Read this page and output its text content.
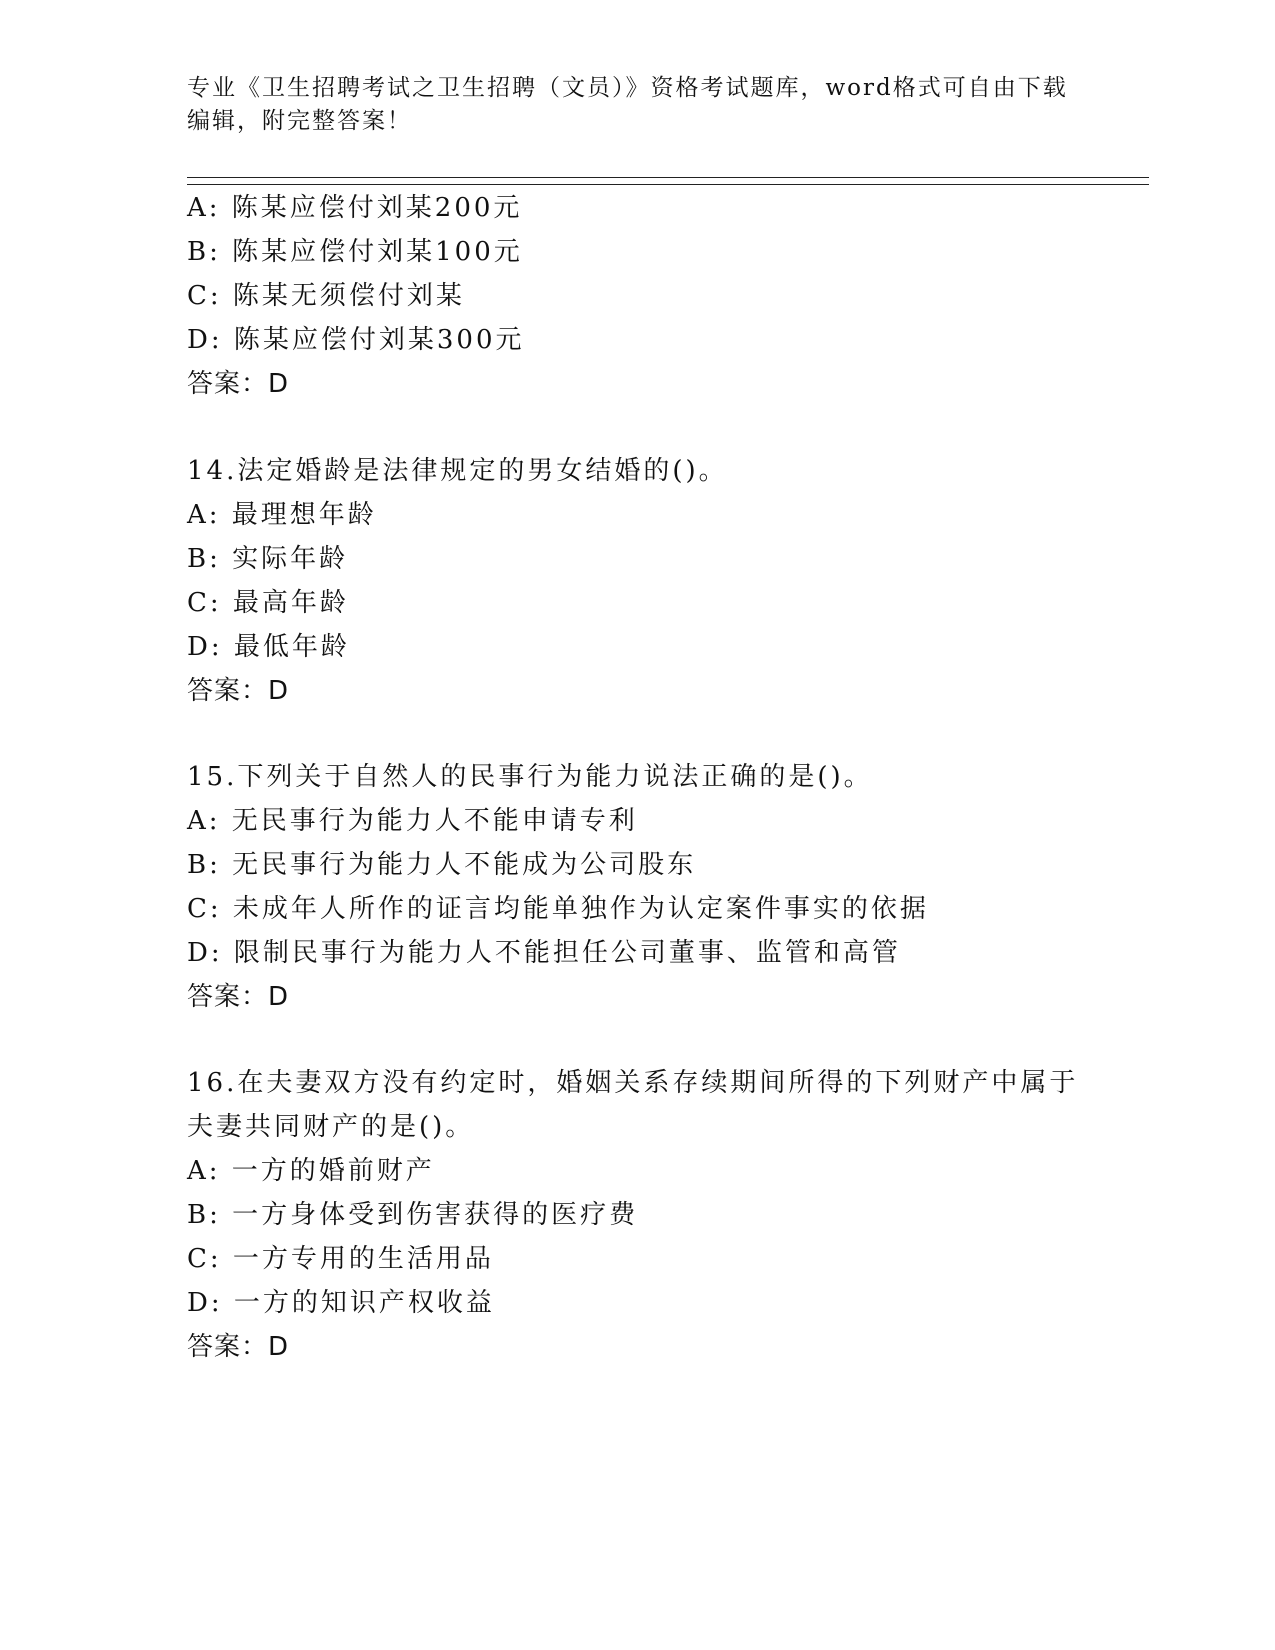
专业《卫生招聘考试之卫生招聘（文员）》资格考试题库，word格式可自由下载
编辑，附完整答案！
A: 陈某应偿付刘某200元
B: 陈某应偿付刘某100元
C: 陈某无须偿付刘某
D: 陈某应偿付刘某300元
答案：D
14.法定婚龄是法律规定的男女结婚的()。
A: 最理想年龄
B: 实际年龄
C: 最高年龄
D: 最低年龄
答案：D
15.下列关于自然人的民事行为能力说法正确的是()。
A: 无民事行为能力人不能申请专利
B: 无民事行为能力人不能成为公司股东
C: 未成年人所作的证言均能单独作为认定案件事实的依据
D: 限制民事行为能力人不能担任公司董事、监管和高管
答案：D
16.在夫妻双方没有约定时，婚姻关系存续期间所得的下列财产中属于
夫妻共同财产的是()。
A: 一方的婚前财产
B: 一方身体受到伤害获得的医疗费
C: 一方专用的生活用品
D: 一方的知识产权收益
答案：D
